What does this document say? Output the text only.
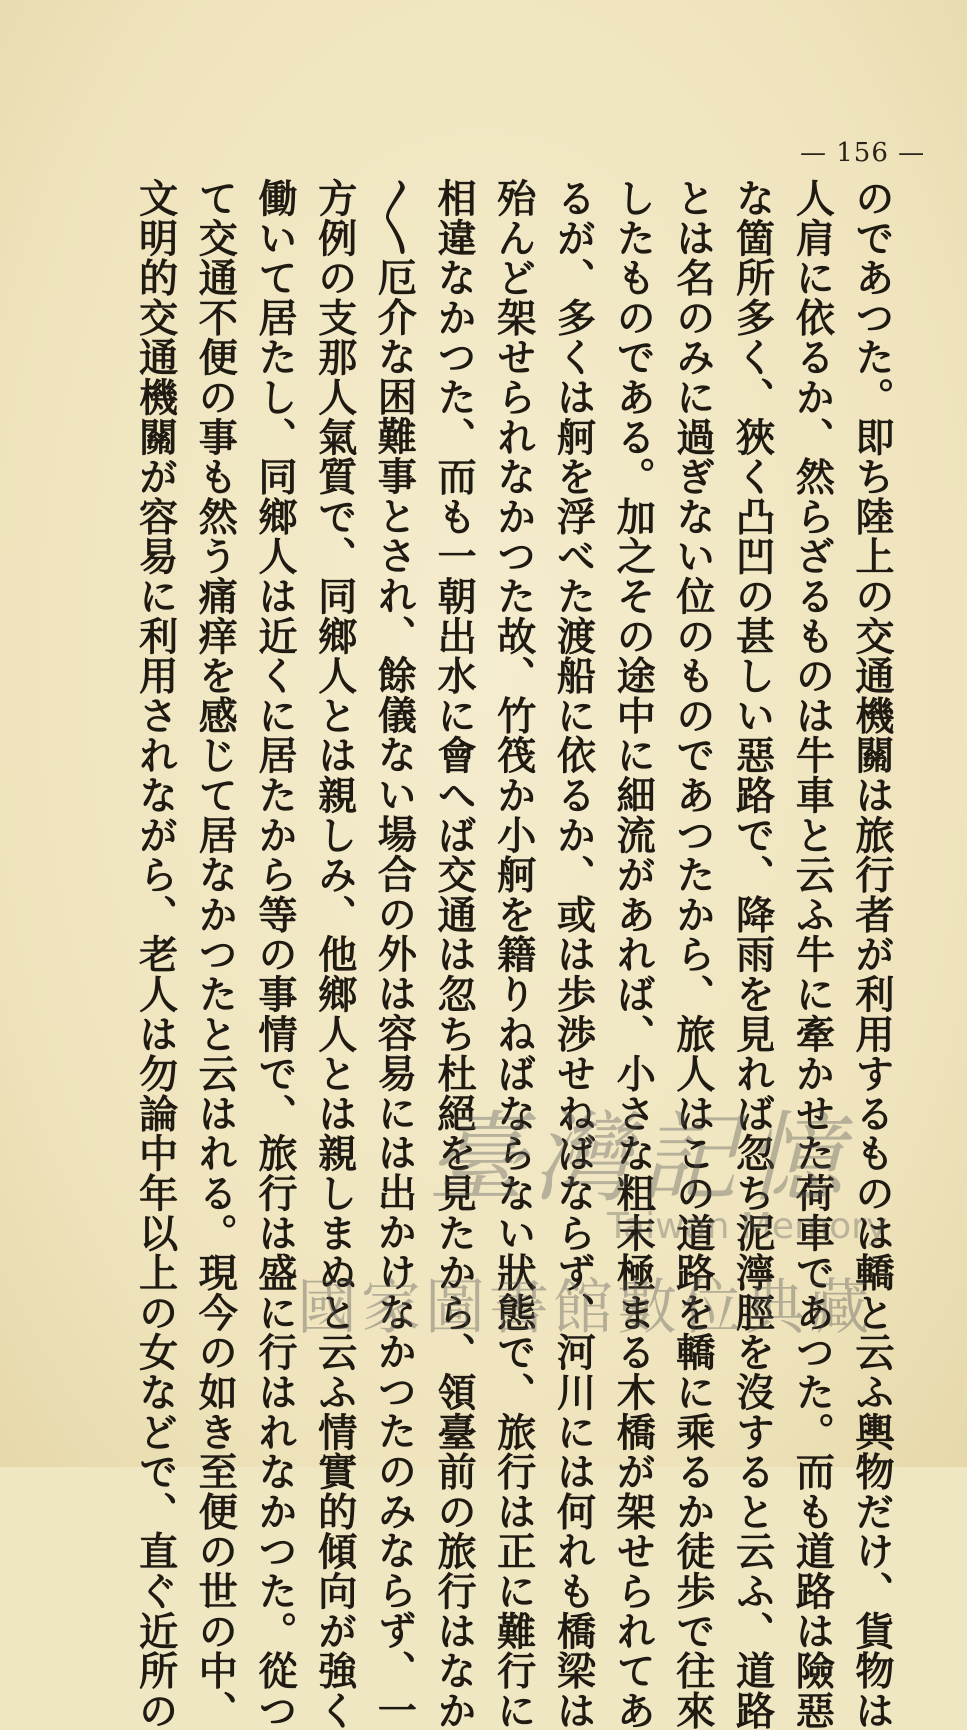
— 156 —
のであつた。即ち陸上の交通機關は旅行者が利用するものは轎と云ふ輿物だけ、貨物は
人肩に依るか、然らざるものは牛車と云ふ牛に牽かせた荷車であつた。而も道路は險惡
な箇所多く、狹く凸凹の甚しい惡路で、降雨を見れば忽ち泥濘脛を沒すると云ふ、道路
とは名のみに過ぎない位のものであつたから、旅人はこの道路を轎に乘るか徒歩で往來
したものである。加之その途中に細流があれば、小さな粗末極まる木橋が架せられてあ
るが、多くは舸を浮べた渡船に依るか、或は歩渉せねばならず、河川には何れも橋梁は
殆んど架せられなかつた故、竹筏か小舸を籍りねばならない狀態で、旅行は正に難行に
相違なかつた、而も一朝出水に會へば交通は忽ち杜絕を見たから、領臺前の旅行はなか
〳〵厄介な困難事とされ、餘儀ない場合の外は容易には出かけなかつたのみならず、一
方例の支那人氣質で、同鄉人とは親しみ、他鄉人とは親しまぬと云ふ情實的傾向が強く
働いて居たし、同鄉人は近くに居たから等の事情で、旅行は盛に行はれなかつた。從つ
て交通不便の事も然う痛痒を感じて居なかつたと云はれる。現今の如き至便の世の中、
文明的交通機關が容易に利用されながら、老人は勿論中年以上の女などで、直ぐ近所の	臺灣記憶
Taiwan Memory
國家圖書館數位典藏
